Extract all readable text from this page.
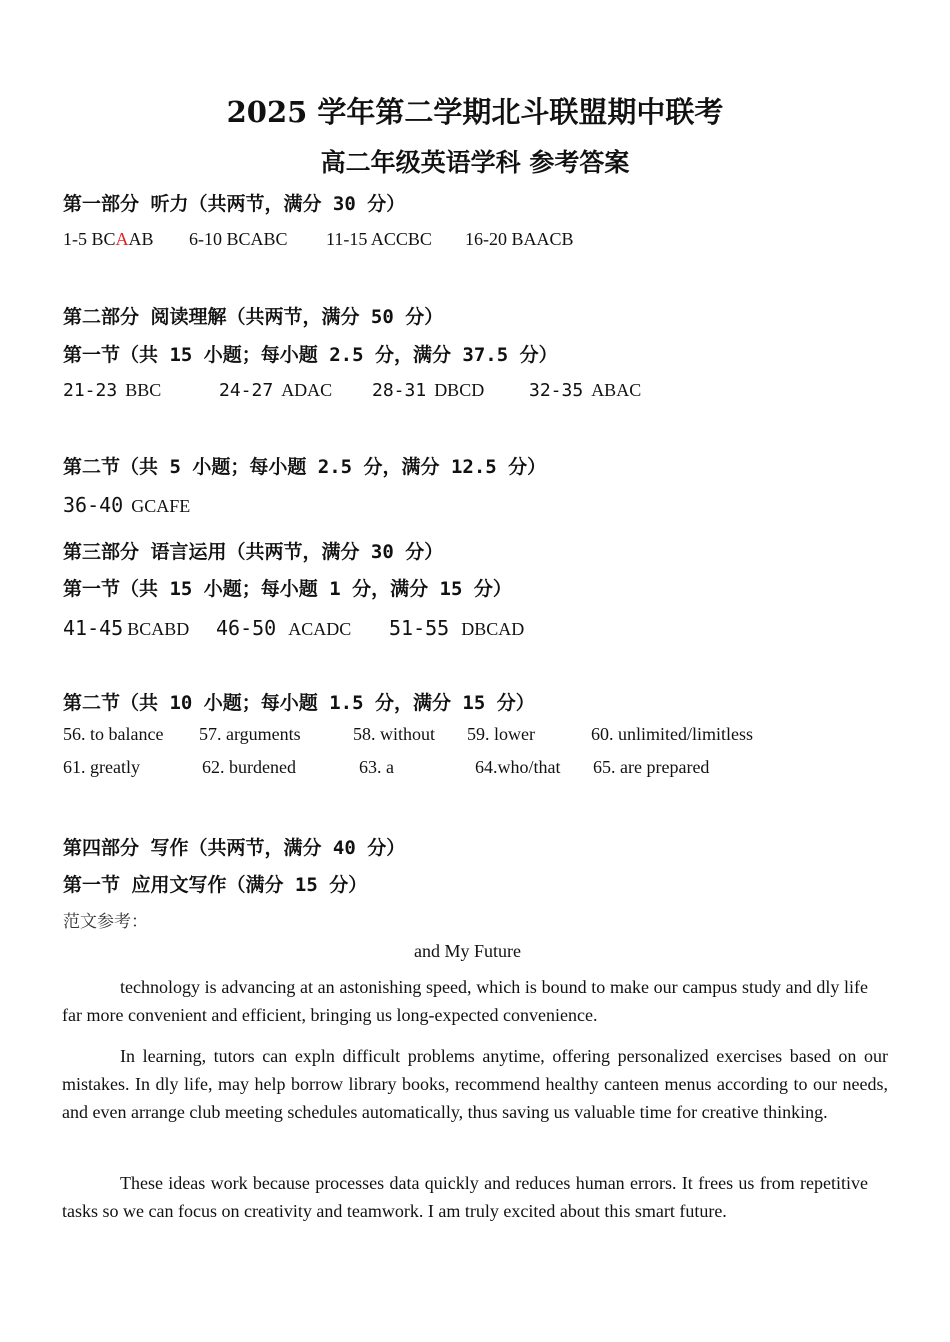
2025 学年第二学期北斗联盟期中联考
高二年级英语学科 参考答案
第一部分 听力（共两节，满分 30 分）
1-5 BCAAB 6-10 BCABC 11-15 ACCBC 16-20 BAACB
第二部分 阅读理解（共两节，满分 50 分）
第一节（共 15 小题；每小题 2.5 分，满分 37.5 分）
21-23 BBC	24-27 ADAC 28-31 DBCD 32-35 ABAC
第二节（共 5 小题；每小题 2.5 分，满分 12.5 分）
36-40 GCAFE
第三部分 语言运用（共两节，满分 30 分）
第一节（共 15 小题；每小题 1 分，满分 15 分）
41-45 BCABD 46-50 ACADC 51-55 DBCAD
第二节（共 10 小题；每小题 1.5 分，满分 15 分）
56. to balance 57. arguments	58. without 59. lower	60. unlimited/limitless
61. greatly	62. burdened	63. a	64.who/that 65. are prepared
第四部分 写作（共两节，满分 40 分）
第一节 应用文写作（满分 15 分）
范文参考：
and My Future
technology is advancing at an astonishing speed, which is bound to make our campus study and dly life far more convenient and efficient, bringing us long-expected convenience.
In learning, tutors can expln difficult problems anytime, offering personalized exercises based on our mistakes. In dly life, may help borrow library books, recommend healthy canteen menus according to our needs, and even arrange club meeting schedules automatically, thus saving us valuable time for creative thinking.
These ideas work because processes data quickly and reduces human errors. It frees us from repetitive tasks so we can focus on creativity and teamwork. I am truly excited about this smart future.
